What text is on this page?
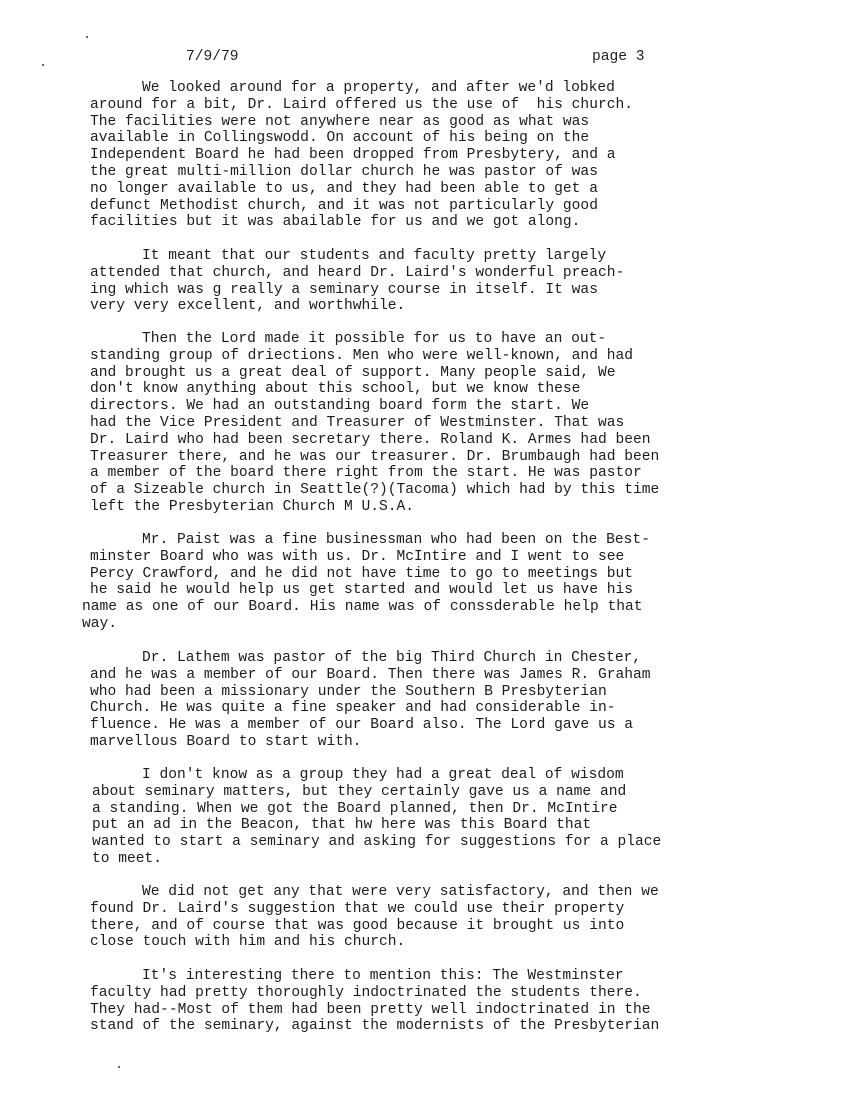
7/9/79	page 3
We looked around for a property, and after we'd lobked
around for a bit, Dr. Laird offered us the use of  his church.
The facilities were not anywhere near as good as what was
available in Collingswodd. On account of his being on the
Independent Board he had been dropped from Presbytery, and a
the great multi-million dollar church he was pastor of was
no longer available to us, and they had been able to get a
defunct Methodist church, and it was not particularly good
facilities but it was abailable for us and we got along.
It meant that our students and faculty pretty largely
attended that church, and heard Dr. Laird's wonderful preach-
ing which was g really a seminary course in itself. It was
very very excellent, and worthwhile.
Then the Lord made it possible for us to have an out-
standing group of driections. Men who were well-known, and had
and brought us a great deal of support. Many people said, We
don't know anything about this school, but we know these
directors. We had an outstanding board form the start. We
had the Vice President and Treasurer of Westminster. That was
Dr. Laird who had been secretary there. Roland K. Armes had been
Treasurer there, and he was our treasurer. Dr. Brumbaugh had been
a member of the board there right from the start. He was pastor
of a Sizeable church in Seattle(?)(Tacoma) which had by this time
left the Presbyterian Church M U.S.A.
Mr. Paist was a fine businessman who had been on the Best-
minster Board who was with us. Dr. McIntire and I went to see
Percy Crawford, and he did not have time to go to meetings but
he said he would help us get started and would let us have his
name as one of our Board. His name was of conssderable help that
way.
Dr. Lathem was pastor of the big Third Church in Chester,
and he was a member of our Board. Then there was James R. Graham
who had been a missionary under the Southern B Presbyterian
Church. He was quite a fine speaker and had considerable in-
fluence. He was a member of our Board also. The Lord gave us a
marvellous Board to start with.
I don't know as a group they had a great deal of wisdom
about seminary matters, but they certainly gave us a name and
a standing. When we got the Board planned, then Dr. McIntire
put an ad in the Beacon, that hw here was this Board that
wanted to start a seminary and asking for suggestions for a place
to meet.
We did not get any that were very satisfactory, and then we
found Dr. Laird's suggestion that we could use their property
there, and of course that was good because it brought us into
close touch with him and his church.
It's interesting there to mention this: The Westminster
faculty had pretty thoroughly indoctrinated the students there.
They had--Most of them had been pretty well indoctrinated in the
stand of the seminary, against the modernists of the Presbyterian
